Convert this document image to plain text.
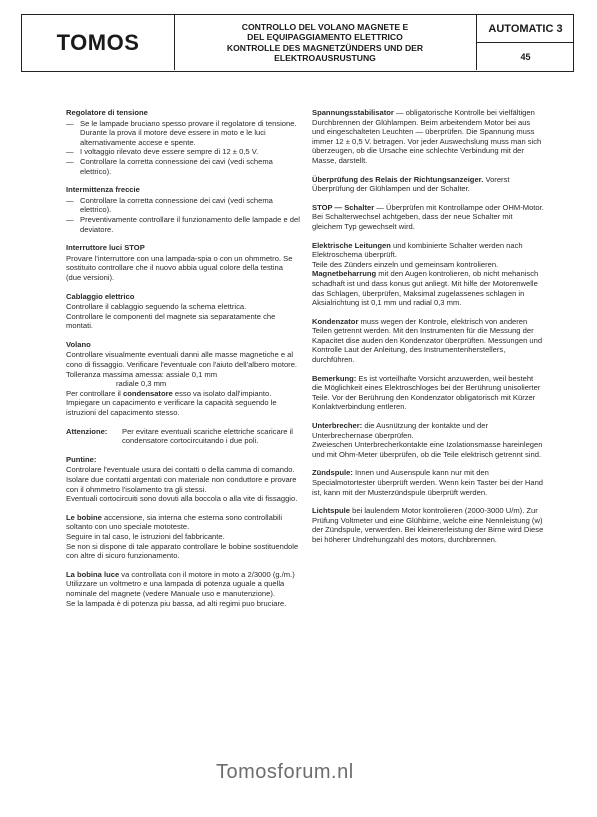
TOMOS
CONTROLLO DEL VOLANO MAGNETE E
DEL EQUIPAGGIAMENTO ELETTRICO
KONTROLLE DES MAGNETZÜNDERS UND DER
ELEKTROAUSRUSTUNG
AUTOMATIC 3
45
Regolatore di tensione
— Se le lampade bruciano spesso provare il regolatore di tensione.
Durante la prova il motore deve essere in moto e le luci alternativamente accese e spente.
— I voltaggio rilevato deve essere sempre di 12 ± 0,5 V.
— Controllare la corretta connessione dei cavi (vedi schema elettrico).
Intermittenza freccie
— Controllare la corretta connessione dei cavi (vedi schema elettrico).
— Preventivamente controllare il funzionamento delle lampade e del deviatore.
Interruttore luci STOP

Provare l'interruttore con una lampada-spia o con un ohmmetro. Se sostituito controllare che il nuovo abbia ugual colore della testina (due versioni).

Cablaggio elettrico

Controllare il cablaggio seguendo la schema elettrica.

Controllare le componenti del magnete sia separatamente che montati.

Volano

Controllare visualmente eventuali danni alle masse magnetiche e al cono di fissaggio. Verificare l'eventuale con l'aiuto dell'albero motore. Tolleranza massima amessa: assiale 0,1 mm

radiale 0,3 mm

Per controllare il condensatore esso va isolato dall'impianto. Impiegare un capacimento e verificare la capacità seguendo le istruzioni del capacimento stesso.

Attenzione:	Per evitare eventuali scariche elettriche scaricare il condensatore cortocircuitando i due poli.
Puntine:

Controlare l'eventuale usura dei contatti o della camma di comando.

Isolare due contatti argentati con materiale non conduttore e provare con il ohmmetro l'isolamento tra gli stessi.

Eventuali cortocircuiti sono dovuti alla boccola o alla vite di fissaggio.

Le bobine accensione, sia interna che esterna sono controllabili soltanto con uno speciale mototeste.

Seguire in tal caso, le istruzioni del fabbricante.

Se non si dispone di tale apparato controllare le bobine sostituendole con altre di sicuro funzionamento.

La bobina luce va controllata con il motore in moto a 2/3000 (g./m.)

Utilizzare un voltmetro e una lampada di potenza uguale a quella nominale del magnete (vedere Manuale uso e manutenzione).

Se la lampada è di potenza piu bassa, ad alti regimi puo bruciare.

Spannungsstabilisator — obligatorische Kontrolle bei vielfältigen Durchbrennen der Glühlampen. Beim arbeitendem Motor bei aus und eingeschalteten Leuchten — überprüfen. Die Spannung muss immer 12 ± 0,5 V. betragen. Vor jeder Auswechslung muss man sich überzeugen, ob die Ursache eine schlechte Verbindung mit der Masse, darstellt.

Überprüfung des Relais der Richtungsanzeiger. Vorerst Überprüfung der Glühlampen und der Schalter.

STOP — Schalter — Überprüfen mit Kontrollampe oder OHM-Motor. Bei Schalterwechsel achtgeben, dass der neue Schalter mit gleichem Typ gewechselt wird.

Elektrische Leitungen und kombinierte Schalter werden nach Elektroschema überprüft.

Teile des Zünders einzeln und gemeinsam kontrolieren.

Magnetbeharrung mit den Augen kontrolieren, ob nicht mehanisch schadhaft ist und dass konus gut anliegt. Mit hilfe der Motorenwelle das Schlagen, überprüfen, Maksimal zugelassenes schlagen in Aksialrichtung ist 0,1 mm und radial 0,3 mm.

Kondenzator muss wegen der Kontrole, elektrisch von anderen Teilen getrennt werden. Mit den Instrumenten für die Messung der Kapacitet dise auden den Kondenzator überprüften. Messungen und Kontrolle Laut der Anleitung, des Instrumentenherstellers, durchführen.

Bemerkung: Es ist vorteilhafte Vorsicht anzuwerden, weil besteht die Möglichkeit eines Elektroschloges bei der Berührung unisolierter Teile. Vor der Berührung den Kondenzator obligatorisch mit Kürzer Konlaktverbindung entleren.

Unterbrecher: die Ausnützung der kontakte und der Unterbrechernase überprüfen.

Zweieschen Unterbrecherkontakte eine Izolationsmasse hareinlegen und mit Ohm-Meter überprüfen, ob die Teile elektrisch getrennt sind.

Zündspule: Innen und Ausenspule kann nur mit den Specialmotortester überprüft werden. Wenn kein Taster bei der Hand ist, kann mit der Musterzündspule überprüft werden.

Lichtspule bei laulendem Motor kontrolieren (2000-3000 U/m). Zur Prüfung Voltmeter und eine Glühbirne, welche eine Nennleistung (w) der Zündspule, verwerden. Bei kleinererleistung der Birne wird Diese bei höherer Undrehungzahl des motors, durchbrennen.

Tomosforum.nl
